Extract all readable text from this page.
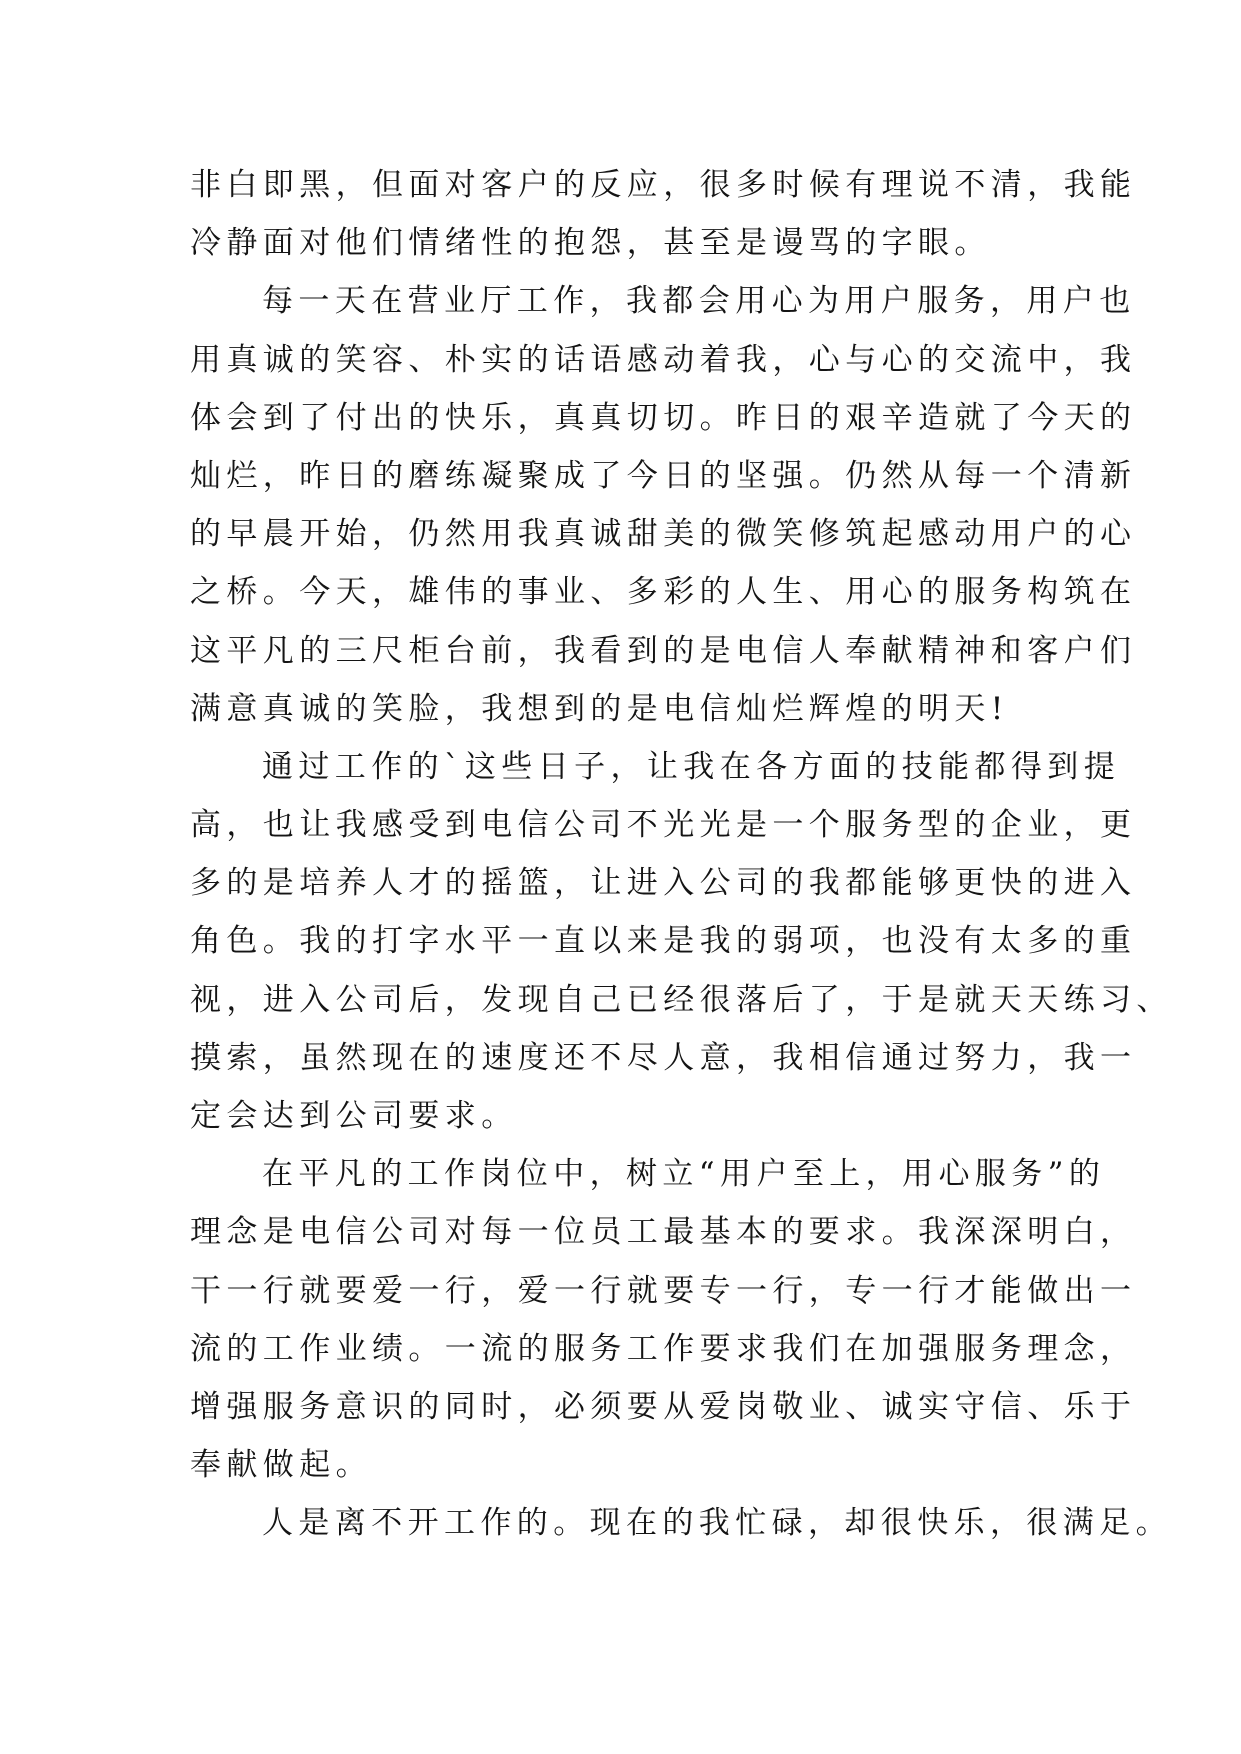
非白即黑，但面对客户的反应，很多时候有理说不清，我能
冷静面对他们情绪性的抱怨，甚至是谩骂的字眼。
每一天在营业厅工作，我都会用心为用户服务，用户也
用真诚的笑容、朴实的话语感动着我，心与心的交流中，我
体会到了付出的快乐，真真切切。昨日的艰辛造就了今天的
灿烂，昨日的磨练凝聚成了今日的坚强。仍然从每一个清新
的早晨开始，仍然用我真诚甜美的微笑修筑起感动用户的心
之桥。今天，雄伟的事业、多彩的人生、用心的服务构筑在
这平凡的三尺柜台前，我看到的是电信人奉献精神和客户们
满意真诚的笑脸，我想到的是电信灿烂辉煌的明天!
通过工作的`这些日子，让我在各方面的技能都得到提
高，也让我感受到电信公司不光光是一个服务型的企业，更
多的是培养人才的摇篮，让进入公司的我都能够更快的进入
角色。我的打字水平一直以来是我的弱项，也没有太多的重
视，进入公司后，发现自己已经很落后了，于是就天天练习、
摸索，虽然现在的速度还不尽人意，我相信通过努力，我一
定会达到公司要求。
在平凡的工作岗位中，树立“用户至上，用心服务”的
理念是电信公司对每一位员工最基本的要求。我深深明白，
干一行就要爱一行，爱一行就要专一行，专一行才能做出一
流的工作业绩。一流的服务工作要求我们在加强服务理念，
增强服务意识的同时，必须要从爱岗敬业、诚实守信、乐于
奉献做起。
人是离不开工作的。现在的我忙碌，却很快乐，很满足。
